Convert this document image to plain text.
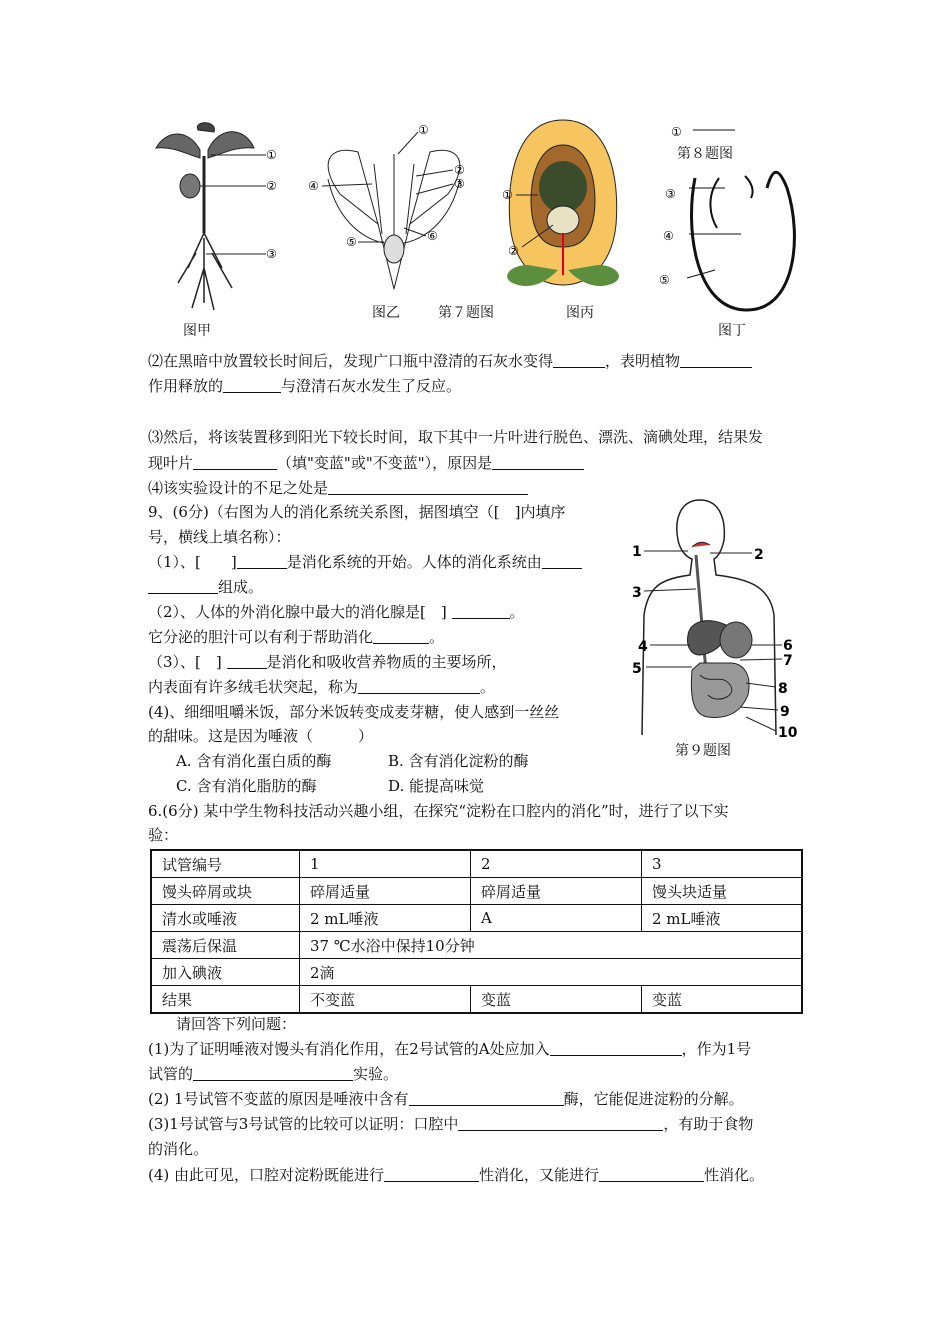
①
②
③
图甲
①
②
③
④
⑤	⑥
图乙	第７题图
①
②
图丙
①
③
④
⑤
第８题图
图丁
⑵在黑暗中放置较长时间后，发现广口瓶中澄清的石灰水变得	，表明植物
作用释放的	与澄清石灰水发生了反应。
⑶然后，将该装置移到阳光下较长时间，取下其中一片叶进行脱色、漂洗、滴碘处理，结果发
现叶片	（填"变蓝"或"不变蓝"），原因是
⑷该实验设计的不足之处是
9、(6分)（右图为人的消化系统关系图，据图填空（[　]内填序
号，横线上填名称）：
（1）、[　　]	是消化系统的开始。人体的消化系统由
组成。
（2）、人体的外消化腺中最大的消化腺是[　]	。
它分泌的胆汁可以有利于帮助消化	。
（3）、[　]	是消化和吸收营养物质的主要场所，
内表面有许多绒毛状突起，称为	。
(4)、细细咀嚼米饭，部分米饭转变成麦芽糖，使人感到一丝丝
的甜味。这是因为唾液（　　　）
A. 含有消化蛋白质的酶	B. 含有消化淀粉的酶
C. 含有消化脂肪的酶	D. 能提高味觉
1	2
3
4
5
6
7
8
9
10
第９题图
6.(6分) 某中学生物科技活动兴趣小组，在探究“淀粉在口腔内的消化”时，进行了以下实
验：
试管编号	1	2	3
馒头碎屑或块	碎屑适量	碎屑适量	馒头块适量
清水或唾液	2 mL唾液	A	2 mL唾液
震荡后保温	37 ℃水浴中保持10分钟		
加入碘液	2滴		
结果	不变蓝	变蓝	变蓝
请回答下列问题：
(1)为了证明唾液对馒头有消化作用，在2号试管的A处应加入	，作为1号
试管的	实验。
(2) 1号试管不变蓝的原因是唾液中含有	酶，它能促进淀粉的分解。
(3)1号试管与3号试管的比较可以证明：口腔中	，有助于食物
的消化。
(4) 由此可见，口腔对淀粉既能进行	性消化，又能进行	性消化。
